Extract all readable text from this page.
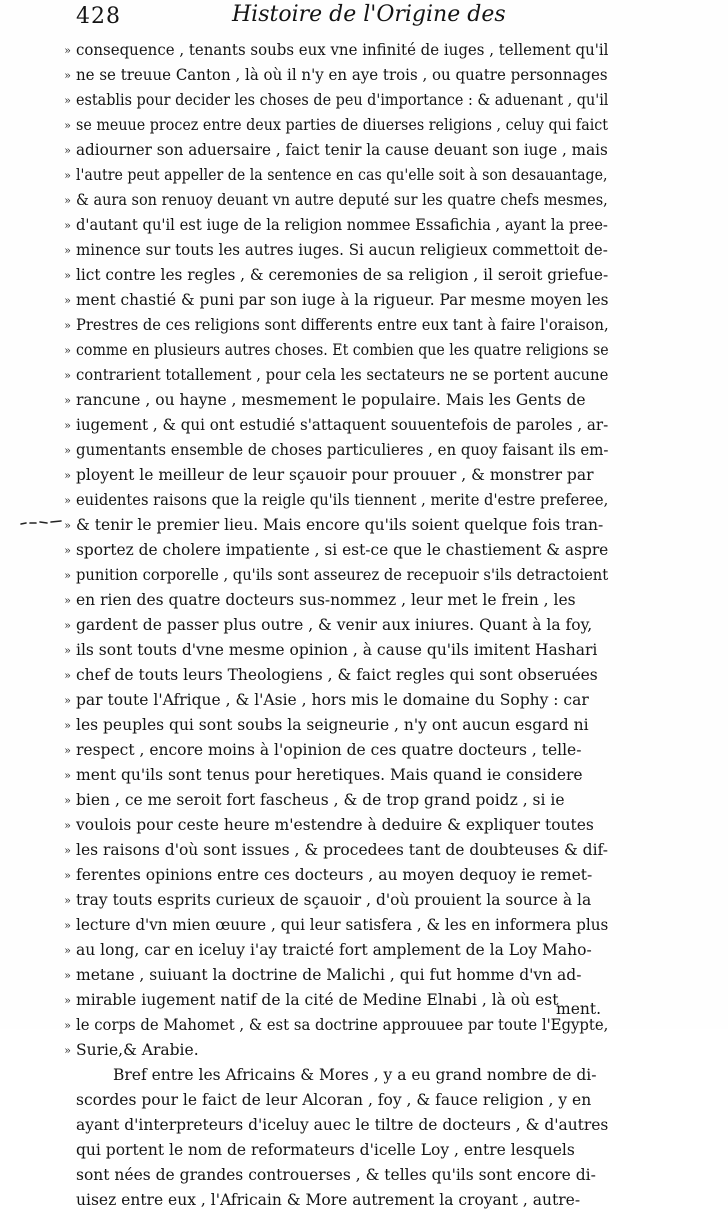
428	Histoire de l'Origine des
» consequence , tenants soubs eux vne infinité de iuges , tellement qu'il
» ne se treuue Canton , là où il n'y en aye trois , ou quatre personnages
» establis pour decider les choses de peu d'importance : & aduenant , qu'il
» se meuue procez entre deux parties de diuerses religions , celuy qui faict
» adiourner son aduersaire , faict tenir la cause deuant son iuge , mais
» l'autre peut appeller de la sentence en cas qu'elle soit à son desauantage,
» & aura son renuoy deuant vn autre deputé sur les quatre chefs mesmes,
» d'autant qu'il est iuge de la religion nommee Essafichia , ayant la pree-
» minence sur touts les autres iuges. Si aucun religieux commettoit de-
» lict contre les regles , & ceremonies de sa religion , il seroit griefue-
» ment chastié & puni par son iuge à la rigueur. Par mesme moyen les
» Prestres de ces religions sont differents entre eux tant à faire l'oraison,
» comme en plusieurs autres choses. Et combien que les quatre religions se
» contrarient totallement , pour cela les sectateurs ne se portent aucune
» rancune , ou hayne , mesmement le populaire. Mais les Gents de
» iugement , & qui ont estudié s'attaquent souuentefois de paroles , ar-
» gumentants ensemble de choses particulieres , en quoy faisant ils em-
» ployent le meilleur de leur sçauoir pour prouuer , & monstrer par
» euidentes raisons que la reigle qu'ils tiennent , merite d'estre preferee,
» & tenir le premier lieu. Mais encore qu'ils soient quelque fois tran-
» sportez de cholere impatiente , si est-ce que le chastiement & aspre
» punition corporelle , qu'ils sont asseurez de recepuoir s'ils detractoient
» en rien des quatre docteurs sus-nommez , leur met le frein , les
» gardent de passer plus outre , & venir aux iniures. Quant à la foy,
» ils sont touts d'vne mesme opinion , à cause qu'ils imitent Hashari
» chef de touts leurs Theologiens , & faict regles qui sont obseruées
» par toute l'Afrique , & l'Asie , hors mis le domaine du Sophy : car
» les peuples qui sont soubs la seigneurie , n'y ont aucun esgard ni
» respect , encore moins à l'opinion de ces quatre docteurs , telle-
» ment qu'ils sont tenus pour heretiques. Mais quand ie considere
» bien , ce me seroit fort fascheus , & de trop grand poidz , si ie
» voulois pour ceste heure m'estendre à deduire & expliquer toutes
» les raisons d'où sont issues , & procedees tant de doubteuses & dif-
» ferentes opinions entre ces docteurs , au moyen dequoy ie remet-
» tray touts esprits curieux de sçauoir , d'où prouient la source à la
» lecture d'vn mien œuure , qui leur satisfera , & les en informera plus
» au long, car en iceluy i'ay traicté fort amplement de la Loy Maho-
» metane , suiuant la doctrine de Malichi , qui fut homme d'vn ad-
» mirable iugement natif de la cité de Medine Elnabi , là où est
» le corps de Mahomet , & est sa doctrine approuuee par toute l'Egypte,
» Surie,& Arabie.
Bref entre les Africains & Mores , y a eu grand nombre de di-
scordes pour le faict de leur Alcoran , foy , & fauce religion , y en
ayant d'interpreteurs d'iceluy auec le tiltre de docteurs , & d'autres
qui portent le nom de reformateurs d'icelle Loy , entre lesquels
sont nées de grandes controuerses , & telles qu'ils sont encore di-
uisez entre eux , l'Africain & More autrement la croyant , autre-
ment.
